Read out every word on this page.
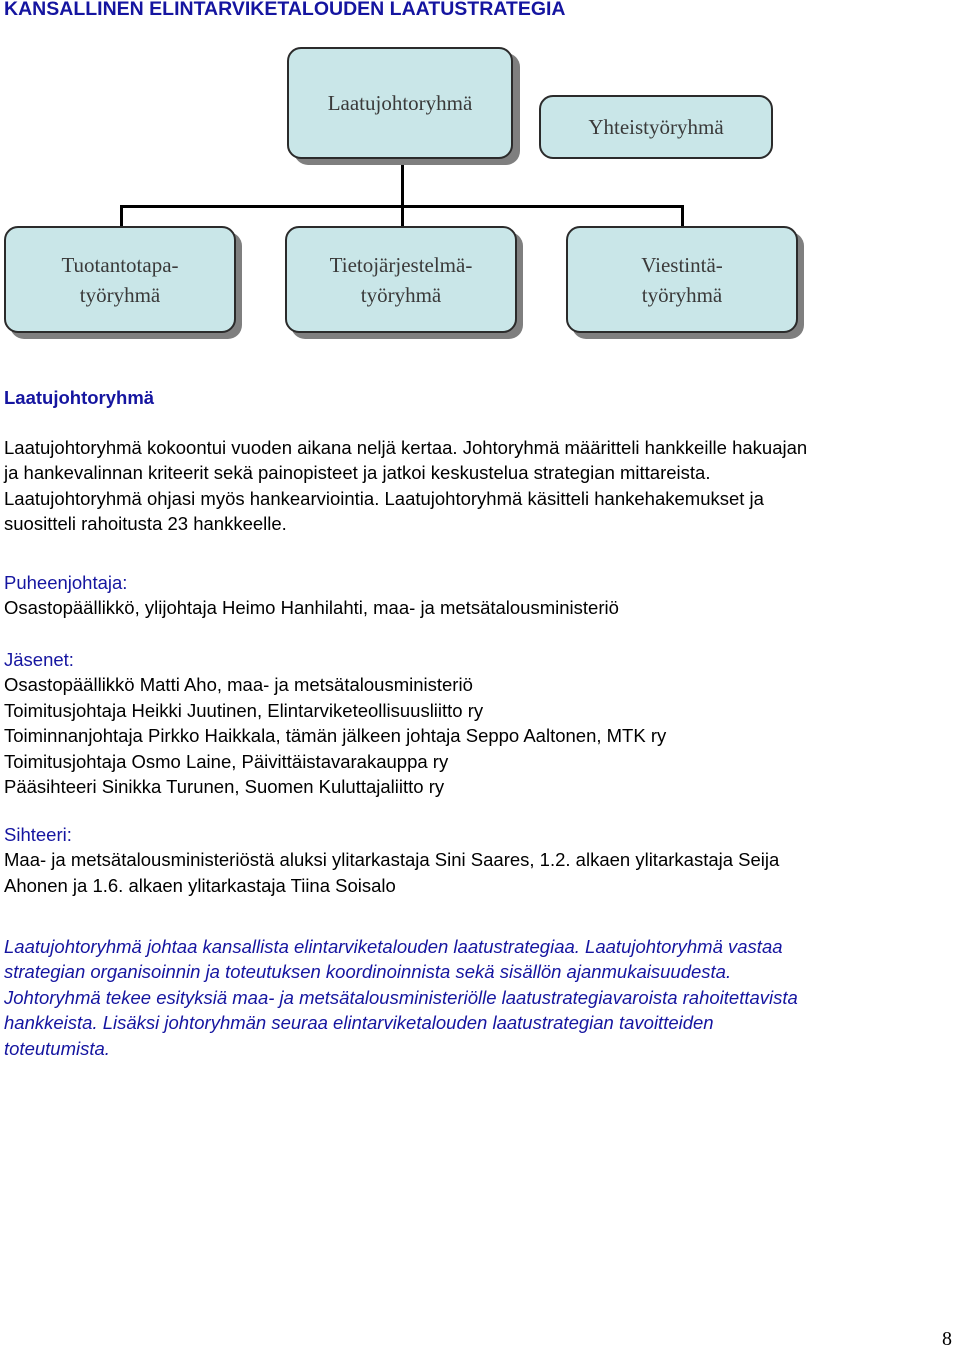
KANSALLINEN ELINTARVIKETALOUDEN LAATUSTRATEGIA
Laatujohtoryhmä
Yhteistyöryhmä
Tuotantotapa-
työryhmä
Tietojärjestelmä-
työryhmä
Viestintä-
työryhmä
Laatujohtoryhmä
Laatujohtoryhmä kokoontui vuoden aikana neljä kertaa. Johtoryhmä määritteli hankkeille hakuajan
ja hankevalinnan kriteerit sekä painopisteet ja jatkoi keskustelua strategian mittareista.
Laatujohtoryhmä ohjasi myös hankearviointia. Laatujohtoryhmä käsitteli hankehakemukset ja
suositteli rahoitusta 23 hankkeelle.
Puheenjohtaja:
Osastopäällikkö, ylijohtaja Heimo Hanhilahti, maa- ja metsätalousministeriö
Jäsenet:
Osastopäällikkö Matti Aho, maa- ja metsätalousministeriö
Toimitusjohtaja Heikki Juutinen, Elintarviketeollisuusliitto ry
Toiminnanjohtaja Pirkko Haikkala, tämän jälkeen johtaja Seppo Aaltonen, MTK ry
Toimitusjohtaja Osmo Laine, Päivittäistavarakauppa ry
Pääsihteeri Sinikka Turunen, Suomen Kuluttajaliitto ry
Sihteeri:
Maa- ja metsätalousministeriöstä aluksi ylitarkastaja Sini Saares, 1.2. alkaen ylitarkastaja Seija
Ahonen ja 1.6. alkaen ylitarkastaja Tiina Soisalo
Laatujohtoryhmä johtaa kansallista elintarviketalouden laatustrategiaa. Laatujohtoryhmä vastaa
strategian organisoinnin ja toteutuksen koordinoinnista sekä sisällön ajanmukaisuudesta.
Johtoryhmä tekee esityksiä maa- ja metsätalousministeriölle laatustrategiavaroista rahoitettavista
hankkeista. Lisäksi johtoryhmän seuraa elintarviketalouden laatustrategian tavoitteiden
toteutumista.
8
